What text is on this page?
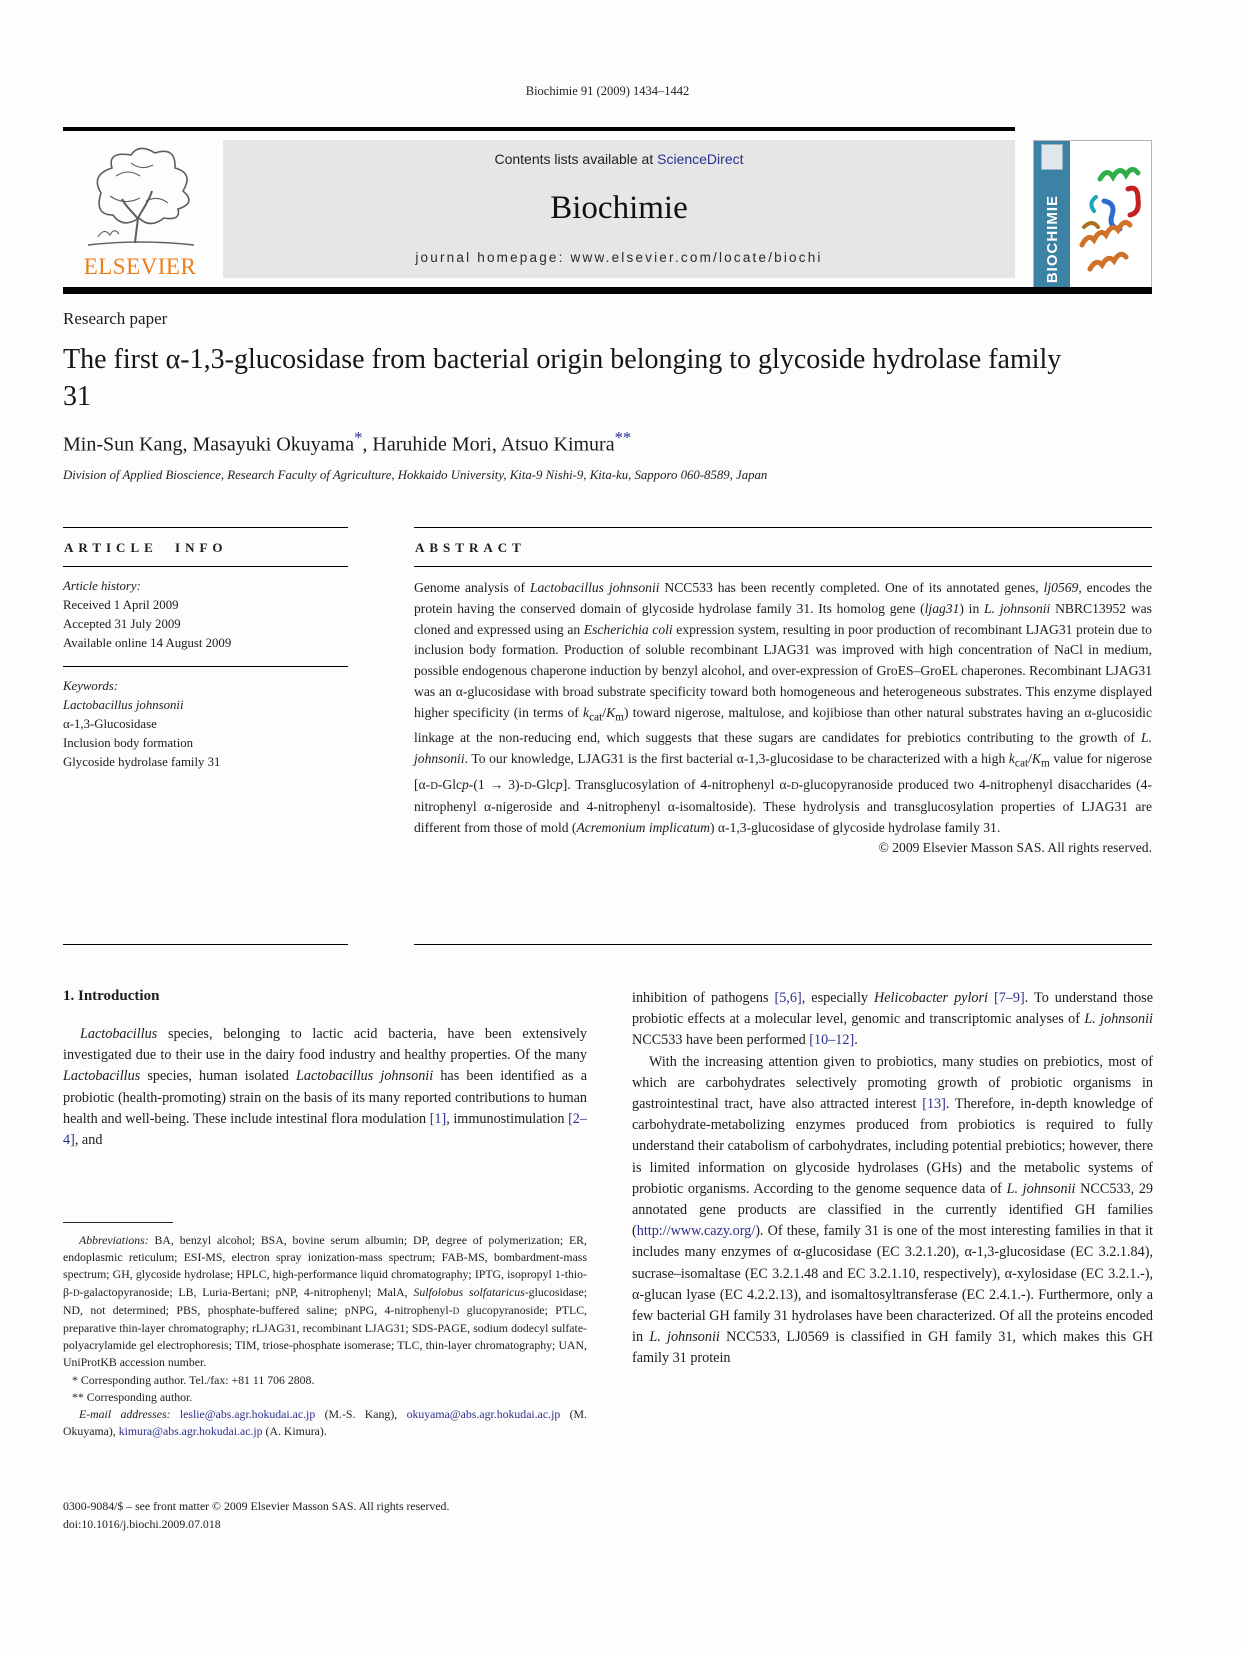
Biochimie 91 (2009) 1434–1442
ELSEVIER
Contents lists available at ScienceDirect
Biochimie
journal homepage: www.elsevier.com/locate/biochi	BIOCHIMIE
Research paper
The first α-1,3-glucosidase from bacterial origin belonging to glycoside hydrolase family 31
Min-Sun Kang, Masayuki Okuyama*, Haruhide Mori, Atsuo Kimura**
Division of Applied Bioscience, Research Faculty of Agriculture, Hokkaido University, Kita-9 Nishi-9, Kita-ku, Sapporo 060-8589, Japan
ARTICLE INFO
Article history:
Received 1 April 2009
Accepted 31 July 2009
Available online 14 August 2009
Keywords:
Lactobacillus johnsonii
α-1,3-Glucosidase
Inclusion body formation
Glycoside hydrolase family 31
ABSTRACT
Genome analysis of Lactobacillus johnsonii NCC533 has been recently completed. One of its annotated genes, lj0569, encodes the protein having the conserved domain of glycoside hydrolase family 31. Its homolog gene (ljag31) in L. johnsonii NBRC13952 was cloned and expressed using an Escherichia coli expression system, resulting in poor production of recombinant LJAG31 protein due to inclusion body formation. Production of soluble recombinant LJAG31 was improved with high concentration of NaCl in medium, possible endogenous chaperone induction by benzyl alcohol, and over-expression of GroES–GroEL chaperones. Recombinant LJAG31 was an α-glucosidase with broad substrate specificity toward both homogeneous and heterogeneous substrates. This enzyme displayed higher specificity (in terms of $k_{cat}/K_m$) toward nigerose, maltulose, and kojibiose than other natural substrates having an α-glucosidic linkage at the non-reducing end, which suggests that these sugars are candidates for prebiotics contributing to the growth of L. johnsonii. To our knowledge, LJAG31 is the first bacterial α-1,3-glucosidase to be characterized with a high $k_{cat}/K_m$ value for nigerose [α-D-Glcp-(1 → 3)-D-Glcp]. Transglucosylation of 4-nitrophenyl α-D-glucopyranoside produced two 4-nitrophenyl disaccharides (4-nitrophenyl α-nigeroside and 4-nitrophenyl α-isomaltoside). These hydrolysis and transglucosylation properties of LJAG31 are different from those of mold (Acremonium implicatum) α-1,3-glucosidase of glycoside hydrolase family 31.
© 2009 Elsevier Masson SAS. All rights reserved.
1. Introduction

Lactobacillus species, belonging to lactic acid bacteria, have been extensively investigated due to their use in the dairy food industry and healthy properties. Of the many Lactobacillus species, human isolated Lactobacillus johnsonii has been identified as a probiotic (health-promoting) strain on the basis of its many reported contributions to human health and well-being. These include intestinal flora modulation [1], immunostimulation [2–4], and

inhibition of pathogens [5,6], especially Helicobacter pylori [7–9]. To understand those probiotic effects at a molecular level, genomic and transcriptomic analyses of L. johnsonii NCC533 have been performed [10–12].

With the increasing attention given to probiotics, many studies on prebiotics, most of which are carbohydrates selectively promoting growth of probiotic organisms in gastrointestinal tract, have also attracted interest [13]. Therefore, in-depth knowledge of carbohydrate-metabolizing enzymes produced from probiotics is required to fully understand their catabolism of carbohydrates, including potential prebiotics; however, there is limited information on glycoside hydrolases (GHs) and the metabolic systems of probiotic organisms. According to the genome sequence data of L. johnsonii NCC533, 29 annotated gene products are classified in the currently identified GH families (http://www.cazy.org/). Of these, family 31 is one of the most interesting families in that it includes many enzymes of α-glucosidase (EC 3.2.1.20), α-1,3-glucosidase (EC 3.2.1.84), sucrase–isomaltase (EC 3.2.1.48 and EC 3.2.1.10, respectively), α-xylosidase (EC 3.2.1.-), α-glucan lyase (EC 4.2.2.13), and isomaltosyltransferase (EC 2.4.1.-). Furthermore, only a few bacterial GH family 31 hydrolases have been characterized. Of all the proteins encoded in L. johnsonii NCC533, LJ0569 is classified in GH family 31, which makes this GH family 31 protein

Abbreviations: BA, benzyl alcohol; BSA, bovine serum albumin; DP, degree of polymerization; ER, endoplasmic reticulum; ESI-MS, electron spray ionization-mass spectrum; FAB-MS, bombardment-mass spectrum; GH, glycoside hydrolase; HPLC, high-performance liquid chromatography; IPTG, isopropyl 1-thio-β-D-galactopyranoside; LB, Luria-Bertani; pNP, 4-nitrophenyl; MalA, Sulfolobus solfataricus-glucosidase; ND, not determined; PBS, phosphate-buffered saline; pNPG, 4-nitrophenyl-D glucopyranoside; PTLC, preparative thin-layer chromatography; rLJAG31, recombinant LJAG31; SDS-PAGE, sodium dodecyl sulfate-polyacrylamide gel electrophoresis; TIM, triose-phosphate isomerase; TLC, thin-layer chromatography; UAN, UniProtKB accession number.

* Corresponding author. Tel./fax: +81 11 706 2808.

** Corresponding author.

E-mail addresses: leslie@abs.agr.hokudai.ac.jp (M.-S. Kang), okuyama@abs.agr.hokudai.ac.jp (M. Okuyama), kimura@abs.agr.hokudai.ac.jp (A. Kimura).

0300-9084/$ – see front matter © 2009 Elsevier Masson SAS. All rights reserved.
doi:10.1016/j.biochi.2009.07.018
